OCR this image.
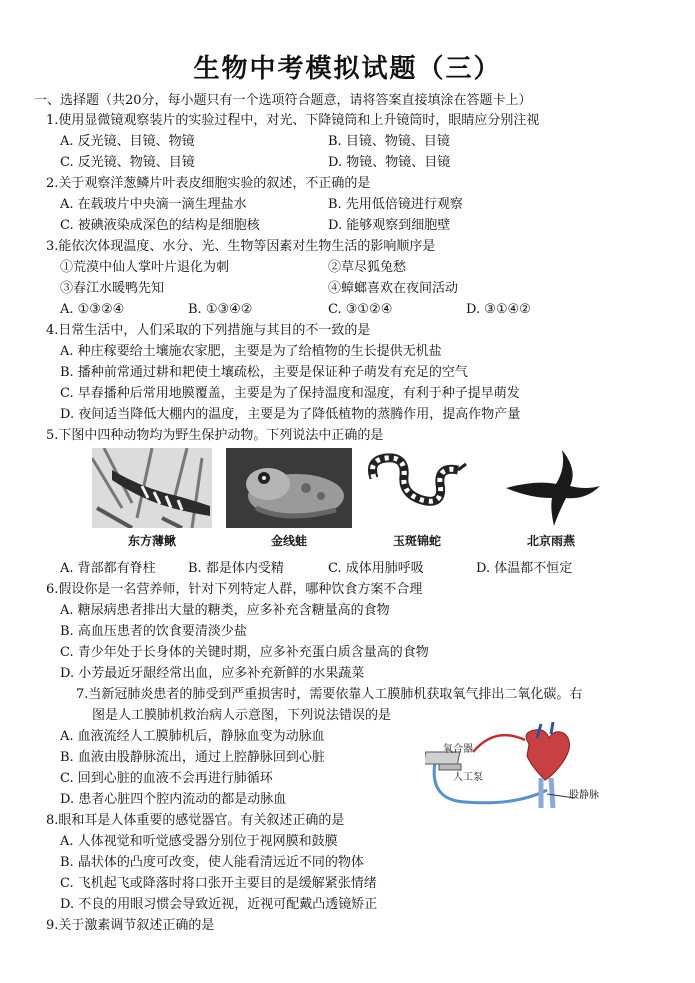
生物中考模拟试题（三）
一、选择题（共20分，每小题只有一个选项符合题意，请将答案直接填涂在答题卡上）
1.使用显微镜观察装片的实验过程中，对光、下降镜筒和上升镜筒时，眼睛应分别注视
A. 反光镜、目镜、物镜	B. 目镜、物镜、目镜
C. 反光镜、物镜、目镜	D. 物镜、物镜、目镜
2.关于观察洋葱鳞片叶表皮细胞实验的叙述，不正确的是
A. 在载玻片中央滴一滴生理盐水	B. 先用低倍镜进行观察
C. 被碘液染成深色的结构是细胞核	D. 能够观察到细胞壁
3.能依次体现温度、水分、光、生物等因素对生物生活的影响顺序是
①荒漠中仙人掌叶片退化为刺	②草尽狐兔愁
③春江水暖鸭先知	④蟑螂喜欢在夜间活动
A. ①③②④	B. ①③④②	C. ③①②④	D. ③①④②
4.日常生活中，人们采取的下列措施与其目的不一致的是
A. 种庄稼要给土壤施农家肥，主要是为了给植物的生长提供无机盐
B. 播种前常通过耕和耙使土壤疏松，主要是保证种子萌发有充足的空气
C. 早春播种后常用地膜覆盖，主要是为了保持温度和湿度，有利于种子提早萌发
D. 夜间适当降低大棚内的温度，主要是为了降低植物的蒸腾作用，提高作物产量
5.下图中四种动物均为野生保护动物。下列说法中正确的是
东方薄鳅	金线蛙	玉斑锦蛇	北京雨燕
A. 背部都有脊柱 B. 都是体内受精	C. 成体用肺呼吸	D. 体温都不恒定
6.假设你是一名营养师，针对下列特定人群，哪种饮食方案不合理
A. 糖尿病患者排出大量的糖类，应多补充含糖量高的食物
B. 高血压患者的饮食要清淡少盐
C. 青少年处于长身体的关键时期，应多补充蛋白质含量高的食物
D. 小芳最近牙龈经常出血，应多补充新鲜的水果蔬菜
7.当新冠肺炎患者的肺受到严重损害时，需要依靠人工膜肺机获取氧气排出二氧化碳。右
图是人工膜肺机救治病人示意图，下列说法错误的是
A. 血液流经人工膜肺机后，静脉血变为动脉血
B. 血液由股静脉流出，通过上腔静脉回到心脏
C. 回到心脏的血液不会再进行肺循环
D. 患者心脏四个腔内流动的都是动脉血
氧合器
人工泵
股静脉
8.眼和耳是人体重要的感觉器官。有关叙述正确的是
A. 人体视觉和听觉感受器分别位于视网膜和鼓膜
B. 晶状体的凸度可改变，使人能看清远近不同的物体
C. 飞机起飞或降落时将口张开主要目的是缓解紧张情绪
D. 不良的用眼习惯会导致近视，近视可配戴凸透镜矫正
9.关于激素调节叙述正确的是
